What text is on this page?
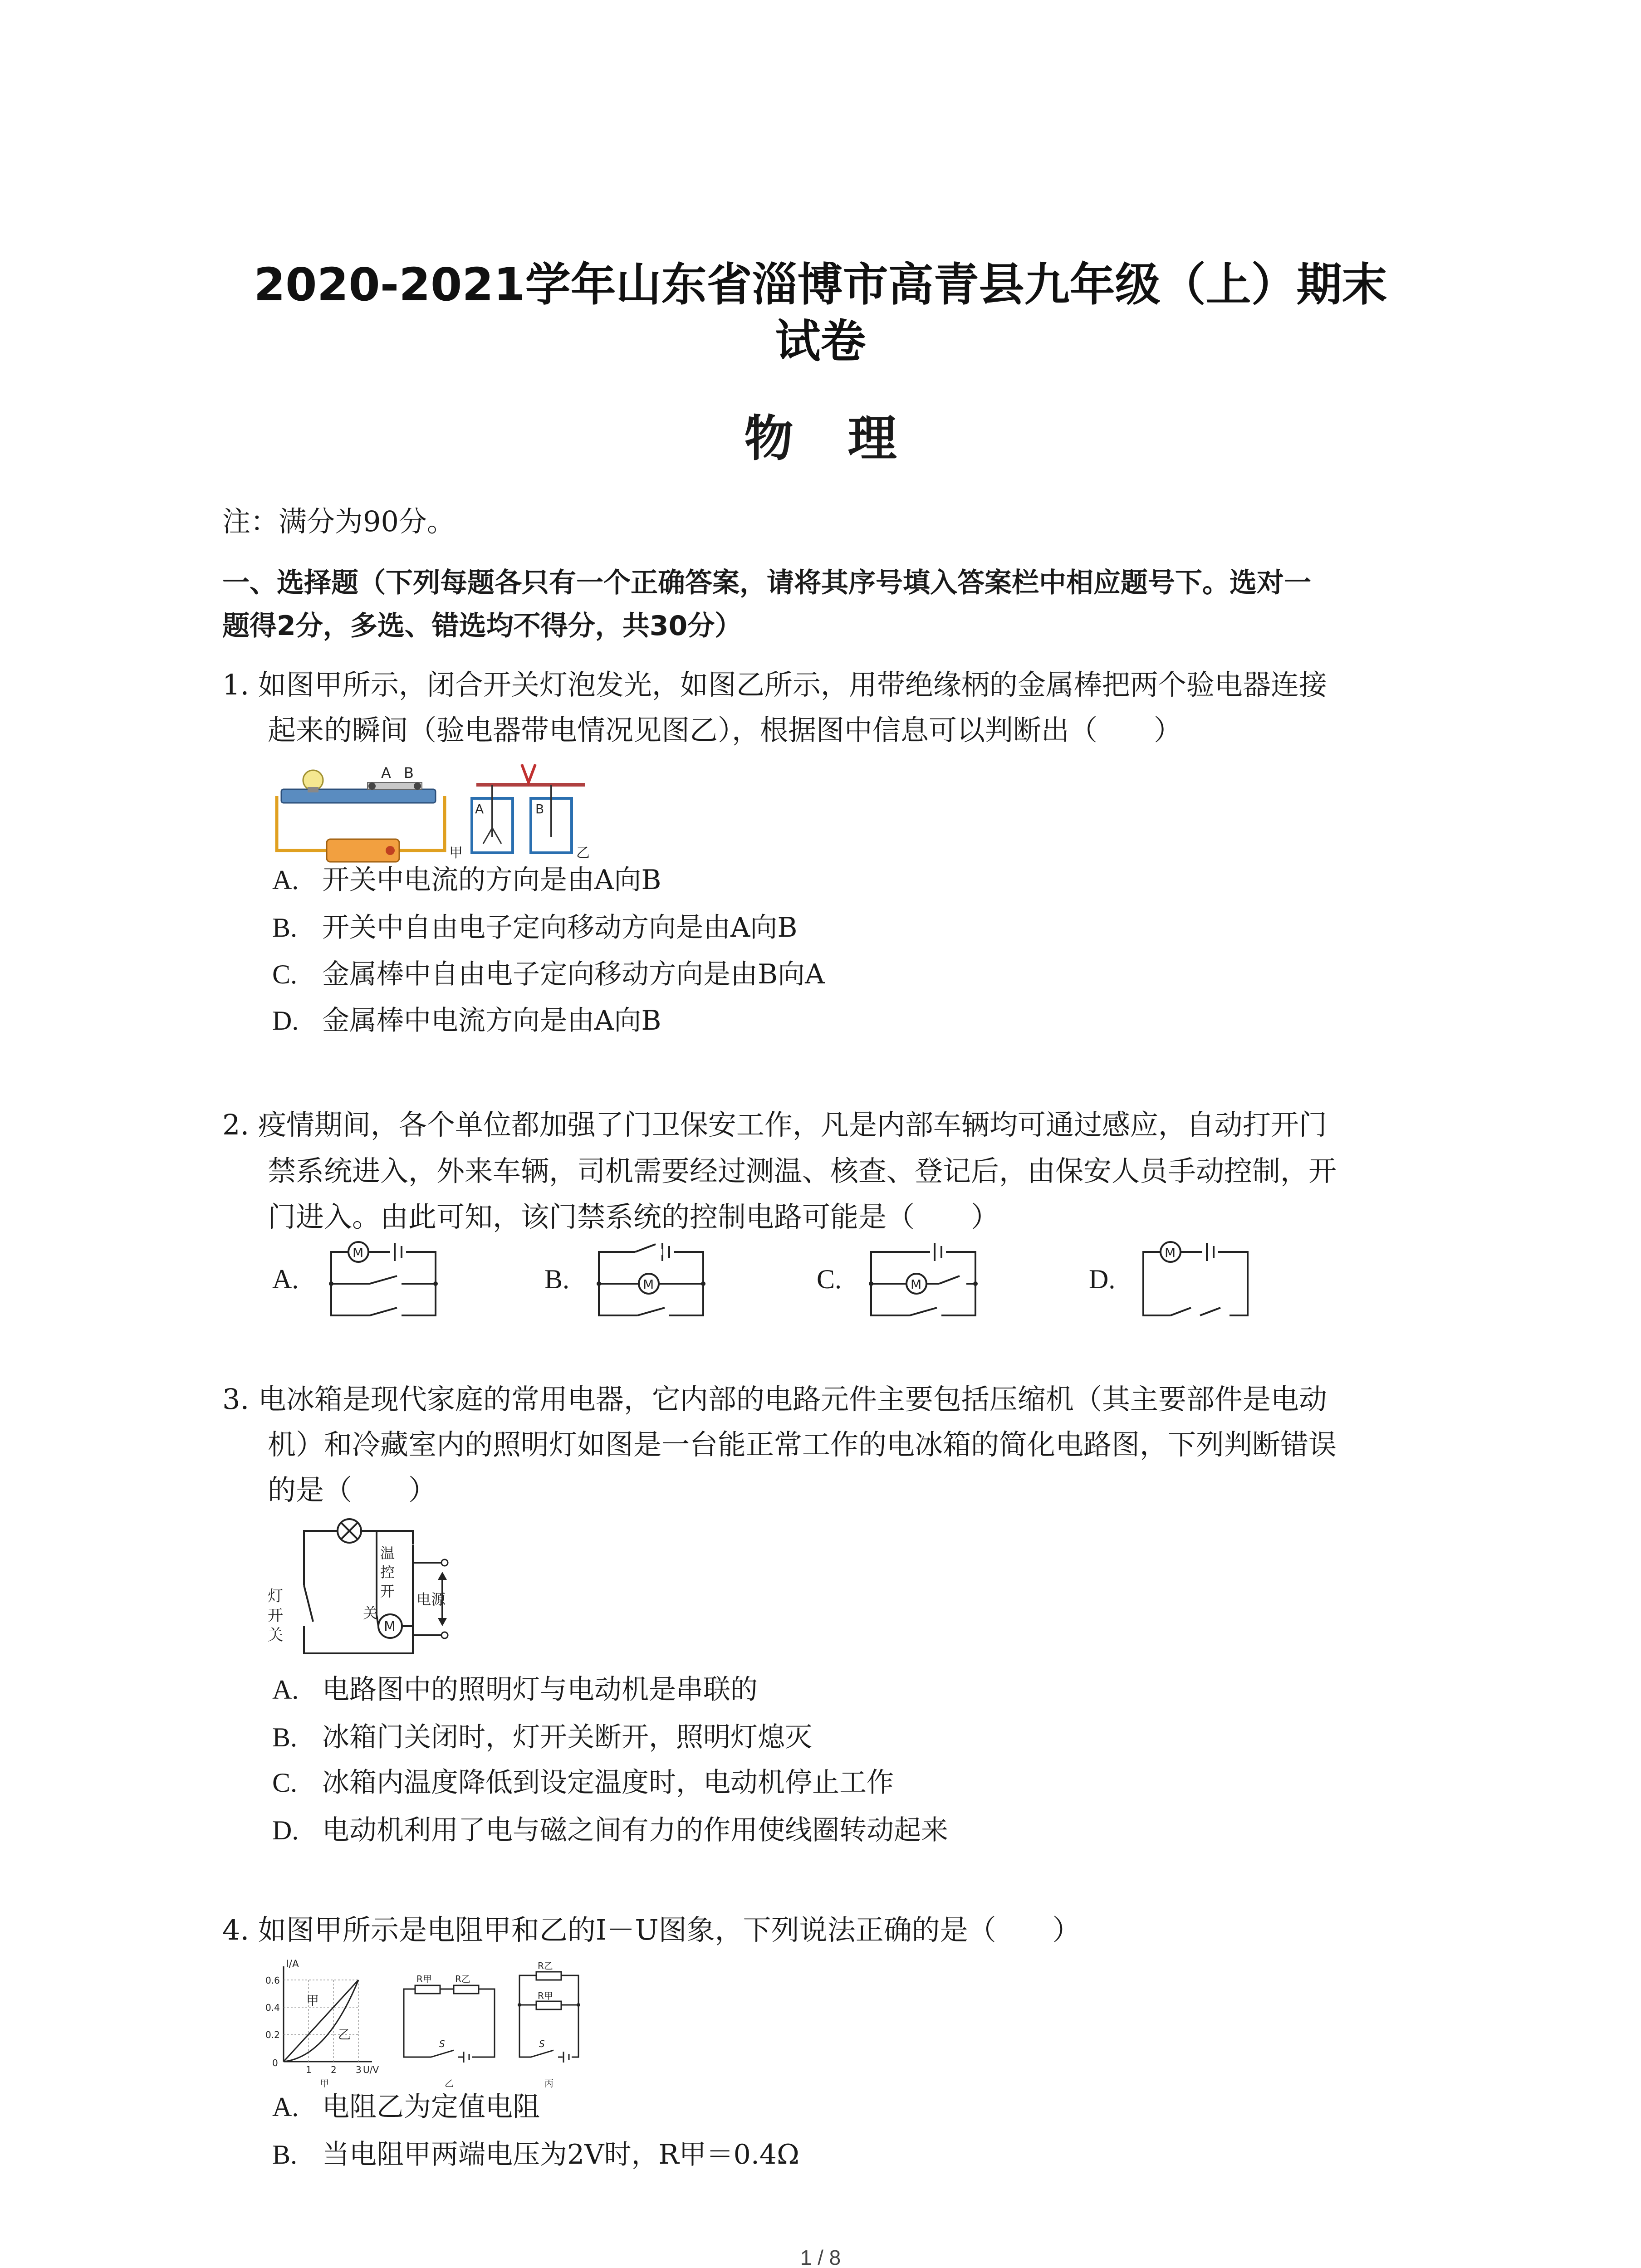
2020-2021学年山东省淄博市高青县九年级（上）期末
试卷
物理
注：满分为90分。
一、选择题（下列每题各只有一个正确答案，请将其序号填入答案栏中相应题号下。选对一
题得2分，多选、错选均不得分，共30分）
1. 如图甲所示，闭合开关灯泡发光，如图乙所示，用带绝缘柄的金属棒把两个验电器连接
起来的瞬间（验电器带电情况见图乙），根据图中信息可以判断出（　　）
A B
甲
A	B
乙
A. 开关中电流的方向是由A向B
B. 开关中自由电子定向移动方向是由A向B
C. 金属棒中自由电子定向移动方向是由B向A
D. 金属棒中电流方向是由A向B
2. 疫情期间，各个单位都加强了门卫保安工作，凡是内部车辆均可通过感应，自动打开门
禁系统进入，外来车辆，司机需要经过测温、核查、登记后，由保安人员手动控制，开
门进入。由此可知，该门禁系统的控制电路可能是（　　）
A.
M
B.	M	C.	M	D.
M
3. 电冰箱是现代家庭的常用电器，它内部的电路元件主要包括压缩机（其主要部件是电动
机）和冷藏室内的照明灯如图是一台能正常工作的电冰箱的简化电路图，下列判断错误
的是（　　）
灯
开
关
温
控
开
关
电源
M
A. 电路图中的照明灯与电动机是串联的
B. 冰箱门关闭时，灯开关断开，照明灯熄灭
C. 冰箱内温度降低到设定温度时，电动机停止工作
D. 电动机利用了电与磁之间有力的作用使线圈转动起来
4. 如图甲所示是电阻甲和乙的I－U图象，下列说法正确的是（　　）
I/A
0.6
0.4
0.2
0
1 2 3 U/V
甲
乙
甲
R甲	R乙
S
乙
R乙
R甲
S
丙
A. 电阻乙为定值电阻
B. 当电阻甲两端电压为2V时，R甲＝0.4Ω
1 / 8
